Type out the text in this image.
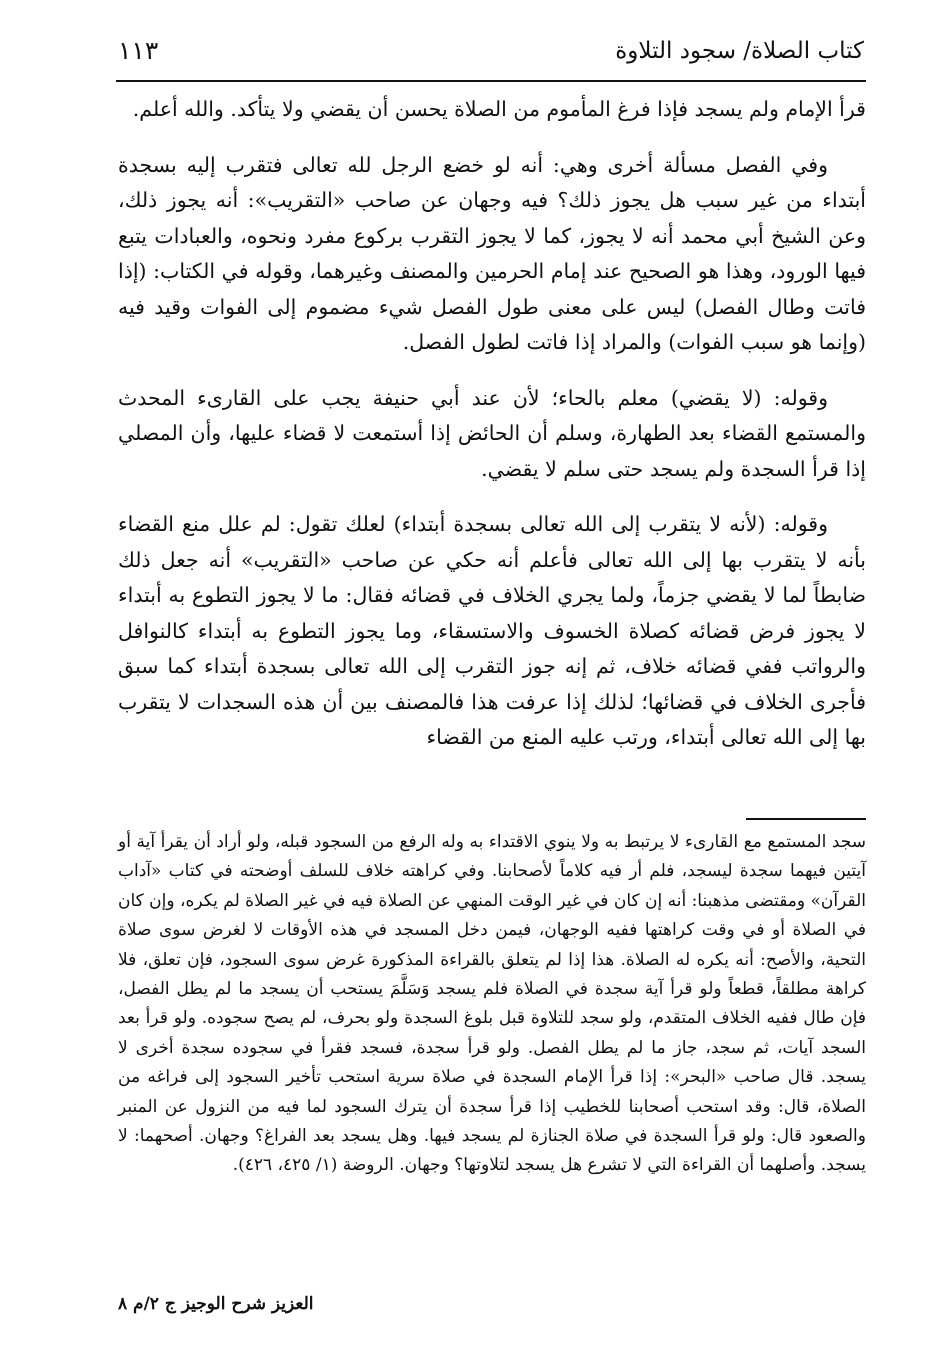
كتاب الصلاة/ سجود التلاوة
١١٣

قرأ الإمام ولم يسجد فإذا فرغ المأموم من الصلاة يحسن أن يقضي ولا يتأكد. والله أعلم.

وفي الفصل مسألة أخرى وهي: أنه لو خضع الرجل لله تعالى فتقرب إليه بسجدة أبتداء من غير سبب هل يجوز ذلك؟ فيه وجهان عن صاحب «التقريب»: أنه يجوز ذلك، وعن الشيخ أبي محمد أنه لا يجوز، كما لا يجوز التقرب بركوع مفرد ونحوه، والعبادات يتبع فيها الورود، وهذا هو الصحيح عند إمام الحرمين والمصنف وغيرهما، وقوله في الكتاب: (إذا فاتت وطال الفصل) ليس على معنى طول الفصل شيء مضموم إلى الفوات وقيد فيه (وإنما هو سبب الفوات) والمراد إذا فاتت لطول الفصل.

وقوله: (لا يقضي) معلم بالحاء؛ لأن عند أبي حنيفة يجب على القارىء المحدث والمستمع القضاء بعد الطهارة، وسلم أن الحائض إذا أستمعت لا قضاء عليها، وأن المصلي إذا قرأ السجدة ولم يسجد حتى سلم لا يقضي.

وقوله: (لأنه لا يتقرب إلى الله تعالى بسجدة أبتداء) لعلك تقول: لم علل منع القضاء بأنه لا يتقرب بها إلى الله تعالى فأعلم أنه حكي عن صاحب «التقريب» أنه جعل ذلك ضابطاً لما لا يقضي جزماً، ولما يجري الخلاف في قضائه فقال: ما لا يجوز التطوع به أبتداء لا يجوز فرض قضائه كصلاة الخسوف والاستسقاء، وما يجوز التطوع به أبتداء كالنوافل والرواتب ففي قضائه خلاف، ثم إنه جوز التقرب إلى الله تعالى بسجدة أبتداء كما سبق فأجرى الخلاف في قضائها؛ لذلك إذا عرفت هذا فالمصنف بين أن هذه السجدات لا يتقرب بها إلى الله تعالى أبتداء، ورتب عليه المنع من القضاء

سجد المستمع مع القارىء لا يرتبط به ولا ينوي الاقتداء به وله الرفع من السجود قبله، ولو أراد أن يقرأ آية أو آيتين فيهما سجدة ليسجد، فلم أر فيه كلاماً لأصحابنا. وفي كراهته خلاف للسلف أوضحته في كتاب «آداب القرآن» ومقتضى مذهبنا: أنه إن كان في غير الوقت المنهي عن الصلاة فيه في غير الصلاة لم يكره، وإن كان في الصلاة أو في وقت كراهتها ففيه الوجهان، فيمن دخل المسجد في هذه الأوقات لا لغرض سوى صلاة التحية، والأصح: أنه يكره له الصلاة. هذا إذا لم يتعلق بالقراءة المذكورة غرض سوى السجود، فإن تعلق، فلا كراهة مطلقاً، قطعاً ولو قرأ آية سجدة في الصلاة فلم يسجد وَسَلَّمَ يستحب أن يسجد ما لم يطل الفصل، فإن طال ففيه الخلاف المتقدم، ولو سجد للتلاوة قبل بلوغ السجدة ولو بحرف، لم يصح سجوده. ولو قرأ بعد السجد آيات، ثم سجد، جاز ما لم يطل الفصل. ولو قرأ سجدة، فسجد فقرأ في سجوده سجدة أخرى لا يسجد. قال صاحب «البحر»: إذا قرأ الإمام السجدة في صلاة سرية استحب تأخير السجود إلى فراغه من الصلاة، قال: وقد استحب أصحابنا للخطيب إذا قرأ سجدة أن يترك السجود لما فيه من النزول عن المنبر والصعود قال: ولو قرأ السجدة في صلاة الجنازة لم يسجد فيها. وهل يسجد بعد الفراغ؟ وجهان. أصحهما: لا يسجد. وأصلهما أن القراءة التي لا تشرع هل يسجد لتلاوتها؟ وجهان. الروضة (١/ ٤٢٥، ٤٢٦).

العزيز شرح الوجيز ج ٢/م ٨
